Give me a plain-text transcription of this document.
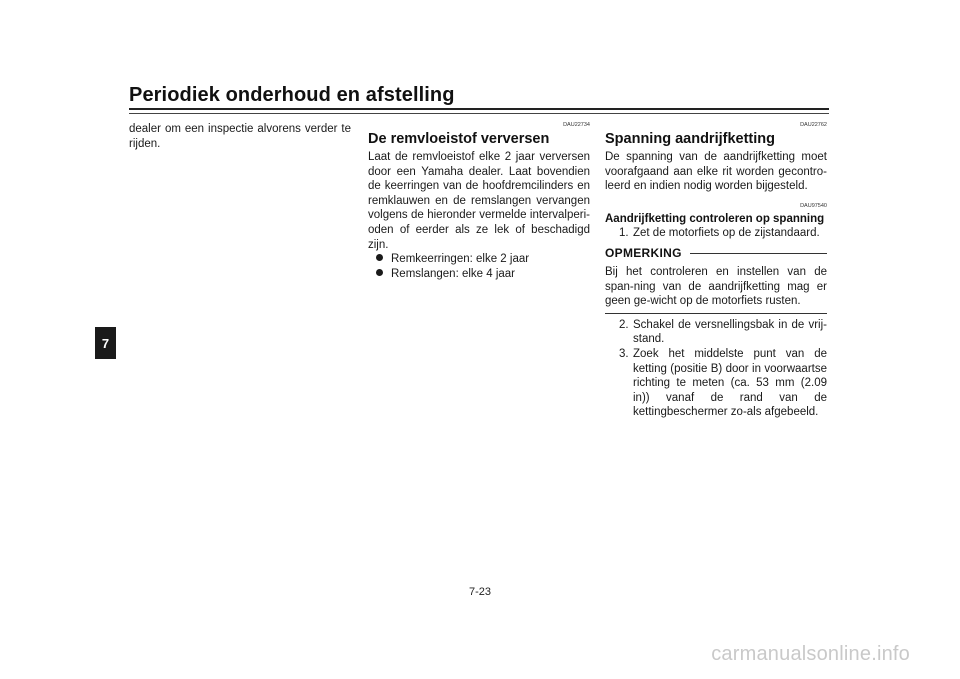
Periodiek onderhoud en afstelling
7
dealer om een inspectie alvorens verder te rijden.
DAU22734
De remvloeistof verversen
Laat de remvloeistof elke 2 jaar verversen door een Yamaha dealer. Laat bovendien de keerringen van de hoofdremcilinders en remklauwen en de remslangen vervangen volgens de hieronder vermelde intervalperi-oden of eerder als ze lek of beschadigd zijn.
Remkeerringen: elke 2 jaar
Remslangen: elke 4 jaar
DAU22762
Spanning aandrijfketting
De spanning van de aandrijfketting moet voorafgaand aan elke rit worden gecontro-leerd en indien nodig worden bijgesteld.
DAU97540
Aandrijfketting controleren op spanning
1. Zet de motorfiets op de zijstandaard.
OPMERKING
Bij het controleren en instellen van de span-ning van de aandrijfketting mag er geen ge-wicht op de motorfiets rusten.
2. Schakel de versnellingsbak in de vrij-stand.
3. Zoek het middelste punt van de ketting (positie B) door in voorwaartse richting te meten (ca. 53 mm (2.09 in)) vanaf de rand van de kettingbeschermer zo-als afgebeeld.
7-23
carmanualsonline.info
